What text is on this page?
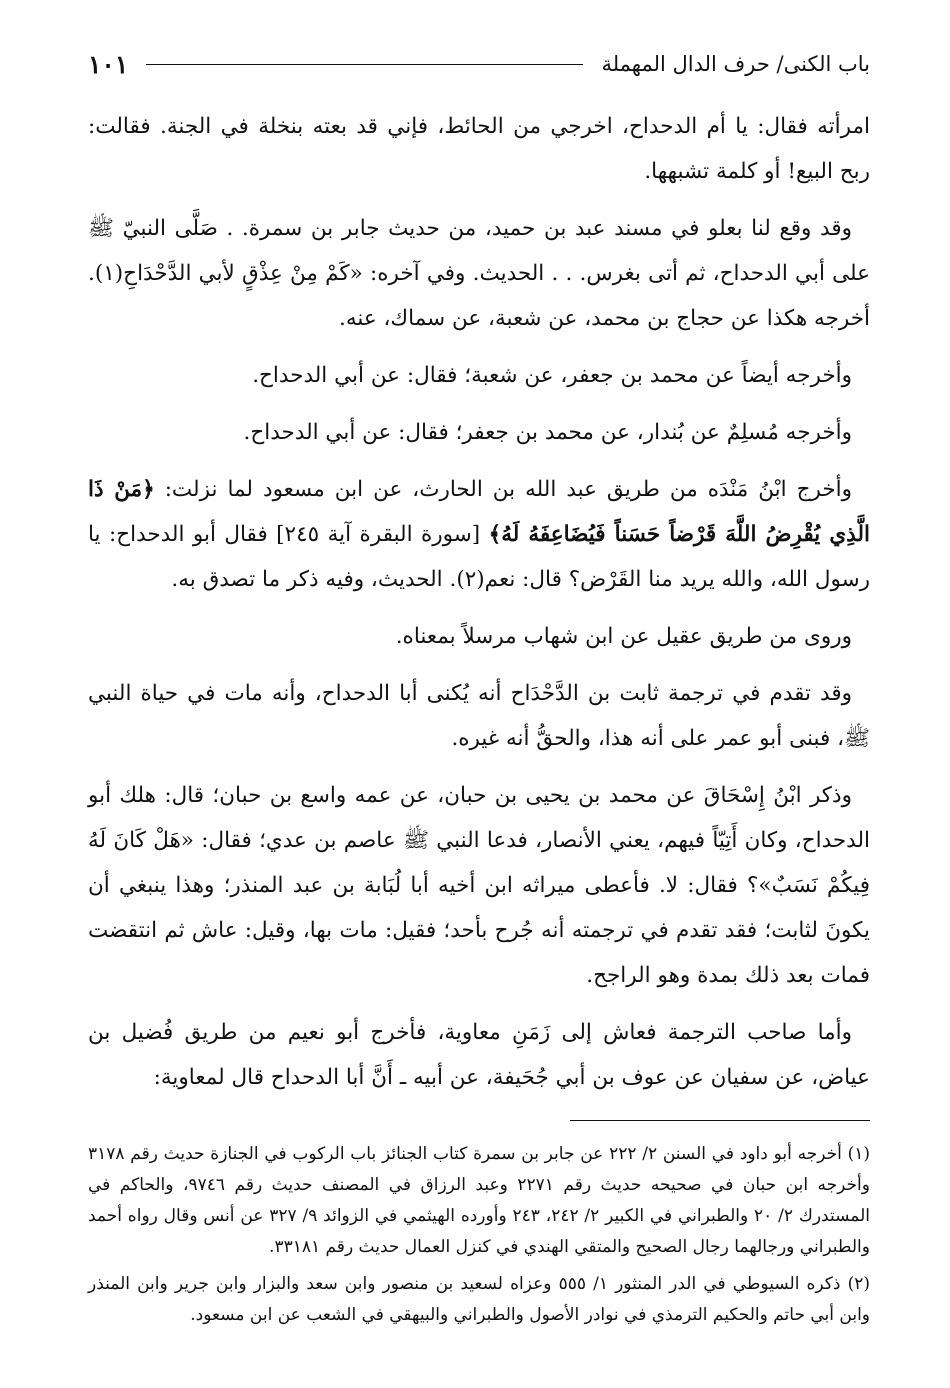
باب الكنى/ حرف الدال المهملة
١٠١

امرأته فقال: يا أم الدحداح، اخرجي من الحائط، فإني قد بعته بنخلة في الجنة. فقالت: ربح البيع! أو كلمة تشبهها.

وقد وقع لنا بعلو في مسند عبد بن حميد، من حديث جابر بن سمرة. . صَلَّى النبيّ ﷺ على أبي الدحداح، ثم أتى بغرس. . . الحديث. وفي آخره: «كَمْ مِنْ عِذْقٍ لأبي الدَّحْدَاحِ(١). أخرجه هكذا عن حجاج بن محمد، عن شعبة، عن سماك، عنه.

وأخرجه أيضاً عن محمد بن جعفر، عن شعبة؛ فقال: عن أبي الدحداح.

وأخرجه مُسلِمٌ عن بُندار، عن محمد بن جعفر؛ فقال: عن أبي الدحداح.

وأخرج ابْنُ مَنْدَه من طريق عبد الله بن الحارث، عن ابن مسعود لما نزلت: ﴿مَنْ ذَا الَّذِي يُقْرِضُ اللَّهَ قَرْضاً حَسَناً فَيُضَاعِفَهُ لَهُ﴾ [سورة البقرة آية ٢٤٥] فقال أبو الدحداح: يا رسول الله، والله يريد منا القَرْض؟ قال: نعم(٢). الحديث، وفيه ذكر ما تصدق به.

وروى من طريق عقيل عن ابن شهاب مرسلاً بمعناه.

وقد تقدم في ترجمة ثابت بن الدَّحْدَاح أنه يُكنى أبا الدحداح، وأنه مات في حياة النبي ﷺ، فبنى أبو عمر على أنه هذا، والحقُّ أنه غيره.

وذكر ابْنُ إِسْحَاقَ عن محمد بن يحيى بن حبان، عن عمه واسع بن حبان؛ قال: هلك أبو الدحداح، وكان أَتِيّاً فيهم، يعني الأنصار، فدعا النبي ﷺ عاصم بن عدي؛ فقال: «هَلْ كَانَ لَهُ فِيكُمْ نَسَبٌ»؟ فقال: لا. فأعطى ميراثه ابن أخيه أبا لُبَابة بن عبد المنذر؛ وهذا ينبغي أن يكونَ لثابت؛ فقد تقدم في ترجمته أنه جُرح بأحد؛ فقيل: مات بها، وقيل: عاش ثم انتقضت فمات بعد ذلك بمدة وهو الراجح.

وأما صاحب الترجمة فعاش إلى زَمَنِ معاوية، فأخرج أبو نعيم من طريق فُضيل بن عياض، عن سفيان عن عوف بن أبي جُحَيفة، عن أبيه ـ أَنَّ أبا الدحداح قال لمعاوية:

(١) أخرجه أبو داود في السنن ٢/ ٢٢٢ عن جابر بن سمرة كتاب الجنائز باب الركوب في الجنازة حديث رقم ٣١٧٨ وأخرجه ابن حبان في صحيحه حديث رقم ٢٢٧١ وعبد الرزاق في المصنف حديث رقم ٩٧٤٦، والحاكم في المستدرك ٢/ ٢٠ والطبراني في الكبير ٢/ ٢٤٢، ٢٤٣ وأورده الهيثمي في الزوائد ٩/ ٣٢٧ عن أنس وقال رواه أحمد والطبراني ورجالهما رجال الصحيح والمتقي الهندي في كنزل العمال حديث رقم ٣٣١٨١.

(٢) ذكره السيوطي في الدر المنثور ١/ ٥٥٥ وعزاه لسعيد بن منصور وابن سعد والبزار وابن جرير وابن المنذر وابن أبي حاتم والحكيم الترمذي في نوادر الأصول والطبراني والبيهقي في الشعب عن ابن مسعود.
